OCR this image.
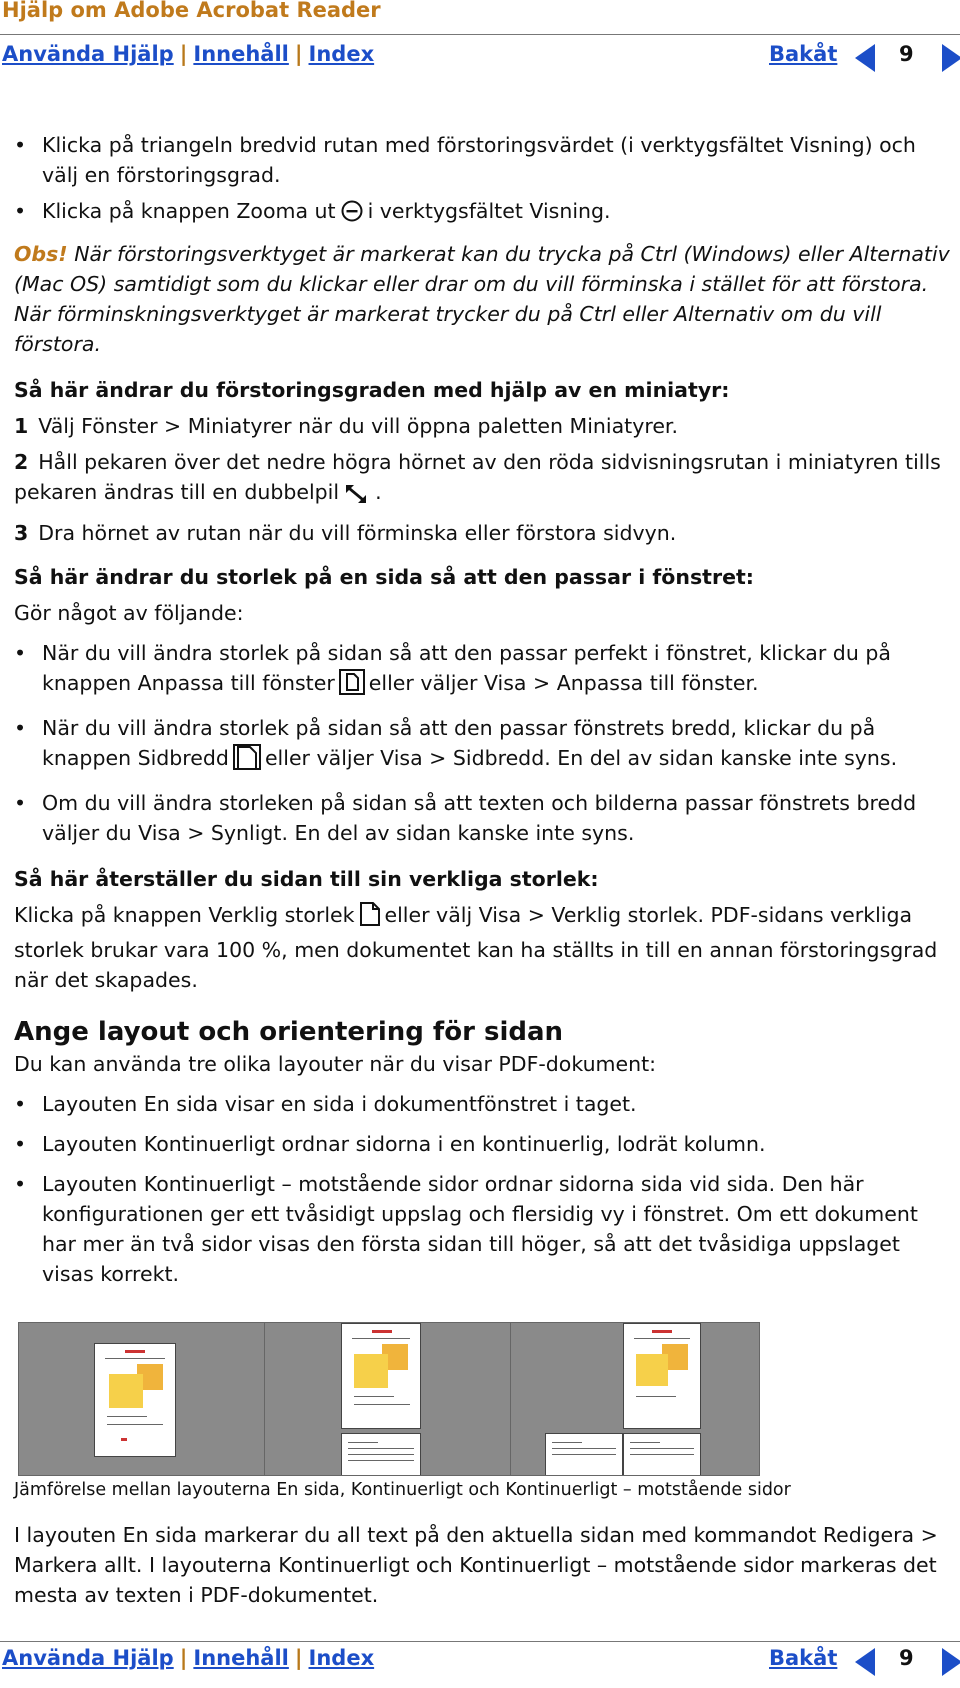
Hjälp om Adobe Acrobat Reader
Använda Hjälp | Innehåll | Index	Bakåt	9
• Klicka på triangeln bredvid rutan med förstoringsvärdet (i verktygsfältet Visning) och välj en förstoringsgrad.
• Klicka på knappen Zooma ut i verktygsfältet Visning.
Obs! När förstoringsverktyget är markerat kan du trycka på Ctrl (Windows) eller Alternativ (Mac OS) samtidigt som du klickar eller drar om du vill förminska i stället för att förstora. När förminskningsverktyget är markerat trycker du på Ctrl eller Alternativ om du vill förstora.
Så här ändrar du förstoringsgraden med hjälp av en miniatyr:
1 Välj Fönster > Miniatyrer när du vill öppna paletten Miniatyrer.
2 Håll pekaren över det nedre högra hörnet av den röda sidvisningsrutan i miniatyren tills pekaren ändras till en dubbelpil .
3 Dra hörnet av rutan när du vill förminska eller förstora sidvyn.
Så här ändrar du storlek på en sida så att den passar i fönstret:
Gör något av följande:
• När du vill ändra storlek på sidan så att den passar perfekt i fönstret, klickar du på knappen Anpassa till fönster eller väljer Visa > Anpassa till fönster.
• När du vill ändra storlek på sidan så att den passar fönstrets bredd, klickar du på knappen Sidbredd eller väljer Visa > Sidbredd. En del av sidan kanske inte syns.
• Om du vill ändra storleken på sidan så att texten och bilderna passar fönstrets bredd väljer du Visa > Synligt. En del av sidan kanske inte syns.
Så här återställer du sidan till sin verkliga storlek:
Klicka på knappen Verklig storlek eller välj Visa > Verklig storlek. PDF-sidans verkliga storlek brukar vara 100 %, men dokumentet kan ha ställts in till en annan förstoringsgrad när det skapades.
Ange layout och orientering för sidan
Du kan använda tre olika layouter när du visar PDF-dokument:
• Layouten En sida visar en sida i dokumentfönstret i taget.
• Layouten Kontinuerligt ordnar sidorna i en kontinuerlig, lodrät kolumn.
• Layouten Kontinuerligt – motstående sidor ordnar sidorna sida vid sida. Den här konfigurationen ger ett tvåsidigt uppslag och flersidig vy i fönstret. Om ett dokument har mer än två sidor visas den första sidan till höger, så att det tvåsidiga uppslaget visas korrekt.
Jämförelse mellan layouterna En sida, Kontinuerligt och Kontinuerligt – motstående sidor
I layouten En sida markerar du all text på den aktuella sidan med kommandot Redigera > Markera allt. I layouterna Kontinuerligt och Kontinuerligt – motstående sidor markeras det mesta av texten i PDF-dokumentet.
Använda Hjälp | Innehåll | Index	Bakåt	9
